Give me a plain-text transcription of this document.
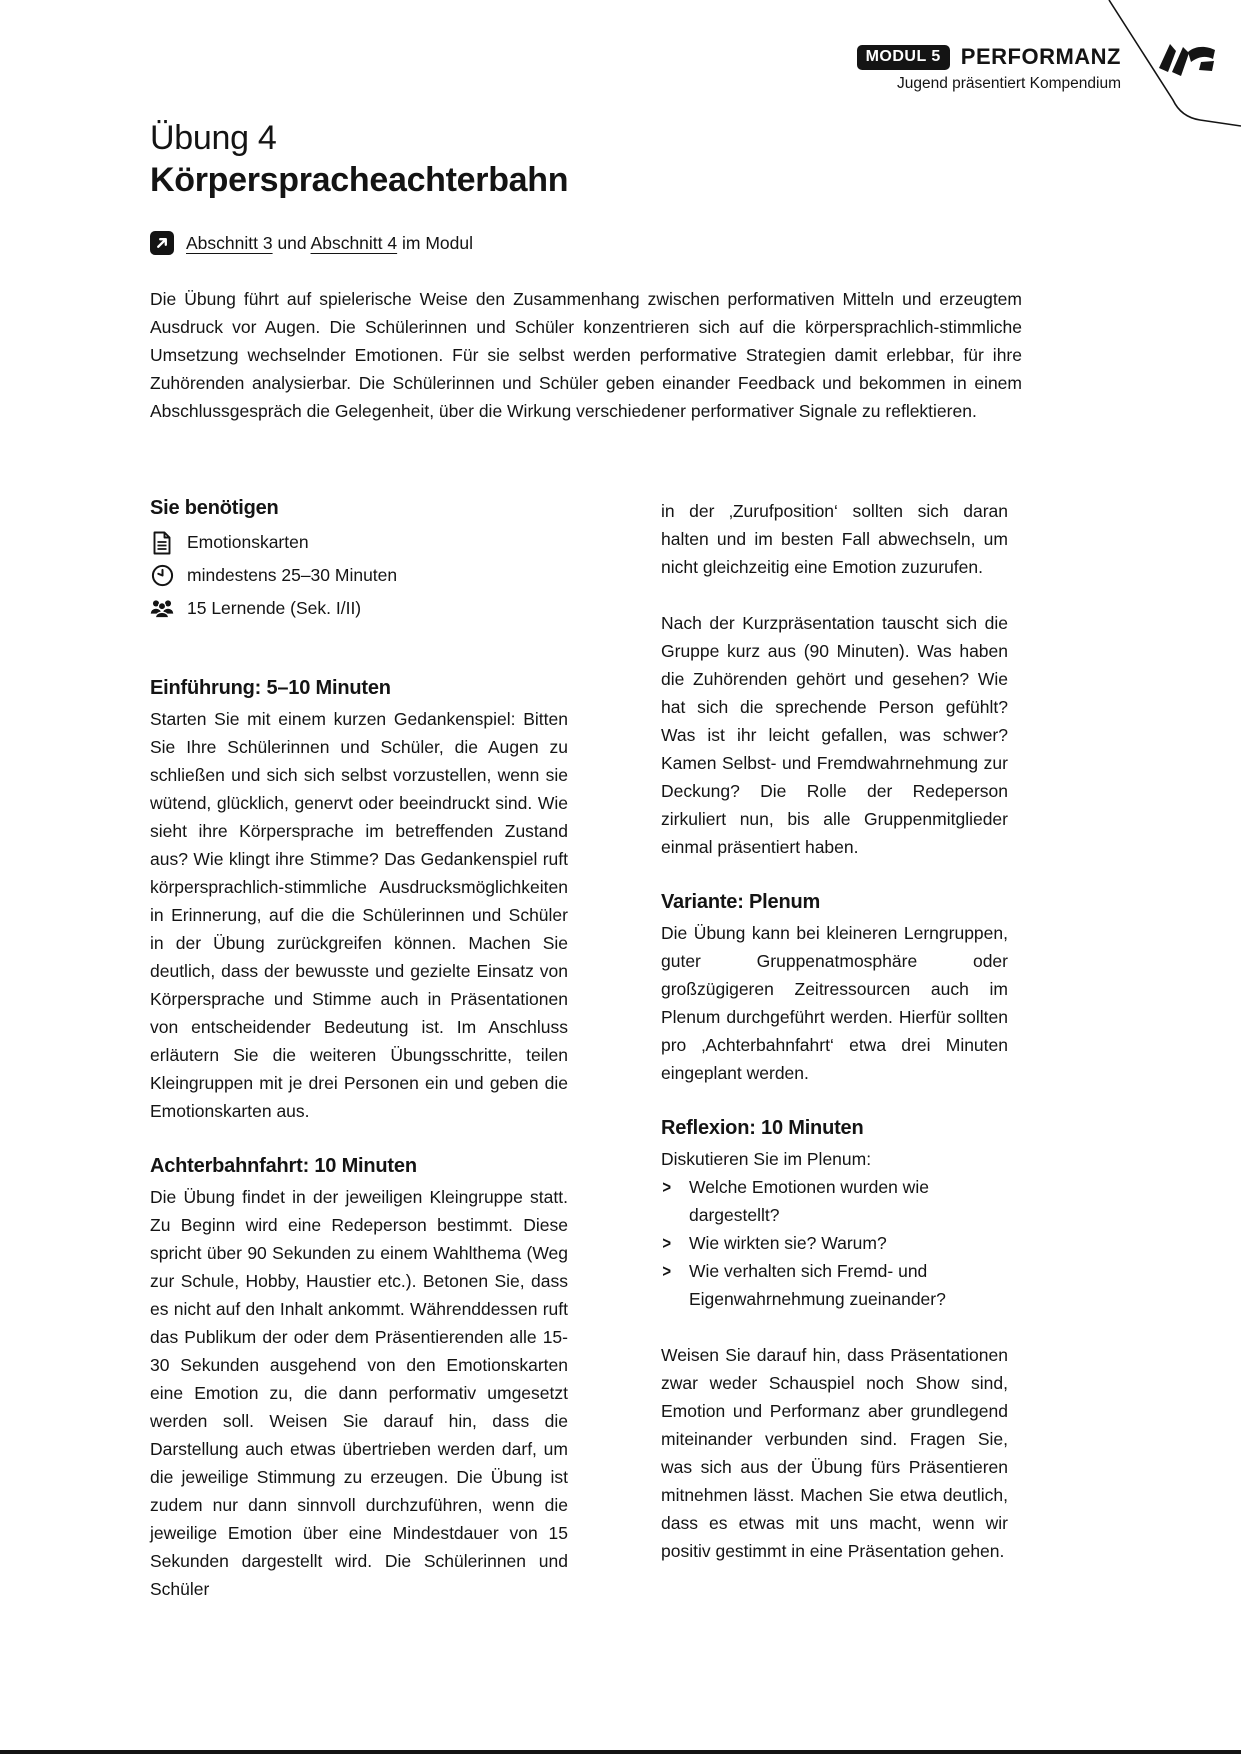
MODUL 5 PERFORMANZ
Jugend präsentiert Kompendium
Übung 4
Körperspracheachterbahn
Abschnitt 3 und Abschnitt 4 im Modul

Die Übung führt auf spielerische Weise den Zusammenhang zwischen performativen Mitteln und erzeugtem Ausdruck vor Augen. Die Schülerinnen und Schüler konzentrieren sich auf die körpersprachlich-stimmliche Umsetzung wechselnder Emotionen. Für sie selbst werden performative Strategien damit erlebbar, für ihre Zuhörenden analysierbar. Die Schülerinnen und Schüler geben einander Feedback und bekommen in einem Abschlussgespräch die Gelegenheit, über die Wirkung verschiedener performativer Signale zu reflektieren.

Sie benötigen
Emotionskarten
mindestens 25–30 Minuten
15 Lernende (Sek. I/II)
Einführung: 5–10 Minuten

Starten Sie mit einem kurzen Gedankenspiel: Bitten Sie Ihre Schülerinnen und Schüler, die Augen zu schließen und sich sich selbst vorzustellen, wenn sie wütend, glücklich, genervt oder beeindruckt sind. Wie sieht ihre Körpersprache im betreffenden Zustand aus? Wie klingt ihre Stimme? Das Gedankenspiel ruft körpersprachlich-stimmliche Ausdrucksmöglichkeiten in Erinnerung, auf die die Schülerinnen und Schüler in der Übung zurückgreifen können. Machen Sie deutlich, dass der bewusste und gezielte Einsatz von Körpersprache und Stimme auch in Präsentationen von entscheidender Bedeutung ist. Im Anschluss erläutern Sie die weiteren Übungsschritte, teilen Kleingruppen mit je drei Personen ein und geben die Emotionskarten aus.

Achterbahnfahrt: 10 Minuten

Die Übung findet in der jeweiligen Kleingruppe statt. Zu Beginn wird eine Redeperson bestimmt. Diese spricht über 90 Sekunden zu einem Wahlthema (Weg zur Schule, Hobby, Haustier etc.). Betonen Sie, dass es nicht auf den Inhalt ankommt. Währenddessen ruft das Publikum der oder dem Präsentierenden alle 15-30 Sekunden ausgehend von den Emotionskarten eine Emotion zu, die dann performativ umgesetzt werden soll. Weisen Sie darauf hin, dass die Darstellung auch etwas übertrieben werden darf, um die jeweilige Stimmung zu erzeugen. Die Übung ist zudem nur dann sinnvoll durchzuführen, wenn die jeweilige Emotion über eine Mindestdauer von 15 Sekunden dargestellt wird. Die Schülerinnen und Schüler

in der ‚Zurufposition‘ sollten sich daran halten und im besten Fall abwechseln, um nicht gleichzeitig eine Emotion zuzurufen.

Nach der Kurzpräsentation tauscht sich die Gruppe kurz aus (90 Minuten). Was haben die Zuhörenden gehört und gesehen? Wie hat sich die sprechende Person gefühlt? Was ist ihr leicht gefallen, was schwer? Kamen Selbst- und Fremdwahrnehmung zur Deckung? Die Rolle der Redeperson zirkuliert nun, bis alle Gruppenmitglieder einmal präsentiert haben.

Variante: Plenum

Die Übung kann bei kleineren Lerngruppen, guter Gruppenatmosphäre oder großzügigeren Zeitressourcen auch im Plenum durchgeführt werden. Hierfür sollten pro ‚Achterbahnfahrt‘ etwa drei Minuten eingeplant werden.

Reflexion: 10 Minuten

Diskutieren Sie im Plenum:

>	Welche Emotionen wurden wie dargestellt?
>	Wie wirkten sie? Warum?
>	Wie verhalten sich Fremd- und Eigenwahrnehmung zueinander?

Weisen Sie darauf hin, dass Präsentationen zwar weder Schauspiel noch Show sind, Emotion und Performanz aber grundlegend miteinander verbunden sind. Fragen Sie, was sich aus der Übung fürs Präsentieren mitnehmen lässt. Machen Sie etwa deutlich, dass es etwas mit uns macht, wenn wir positiv gestimmt in eine Präsentation gehen.
